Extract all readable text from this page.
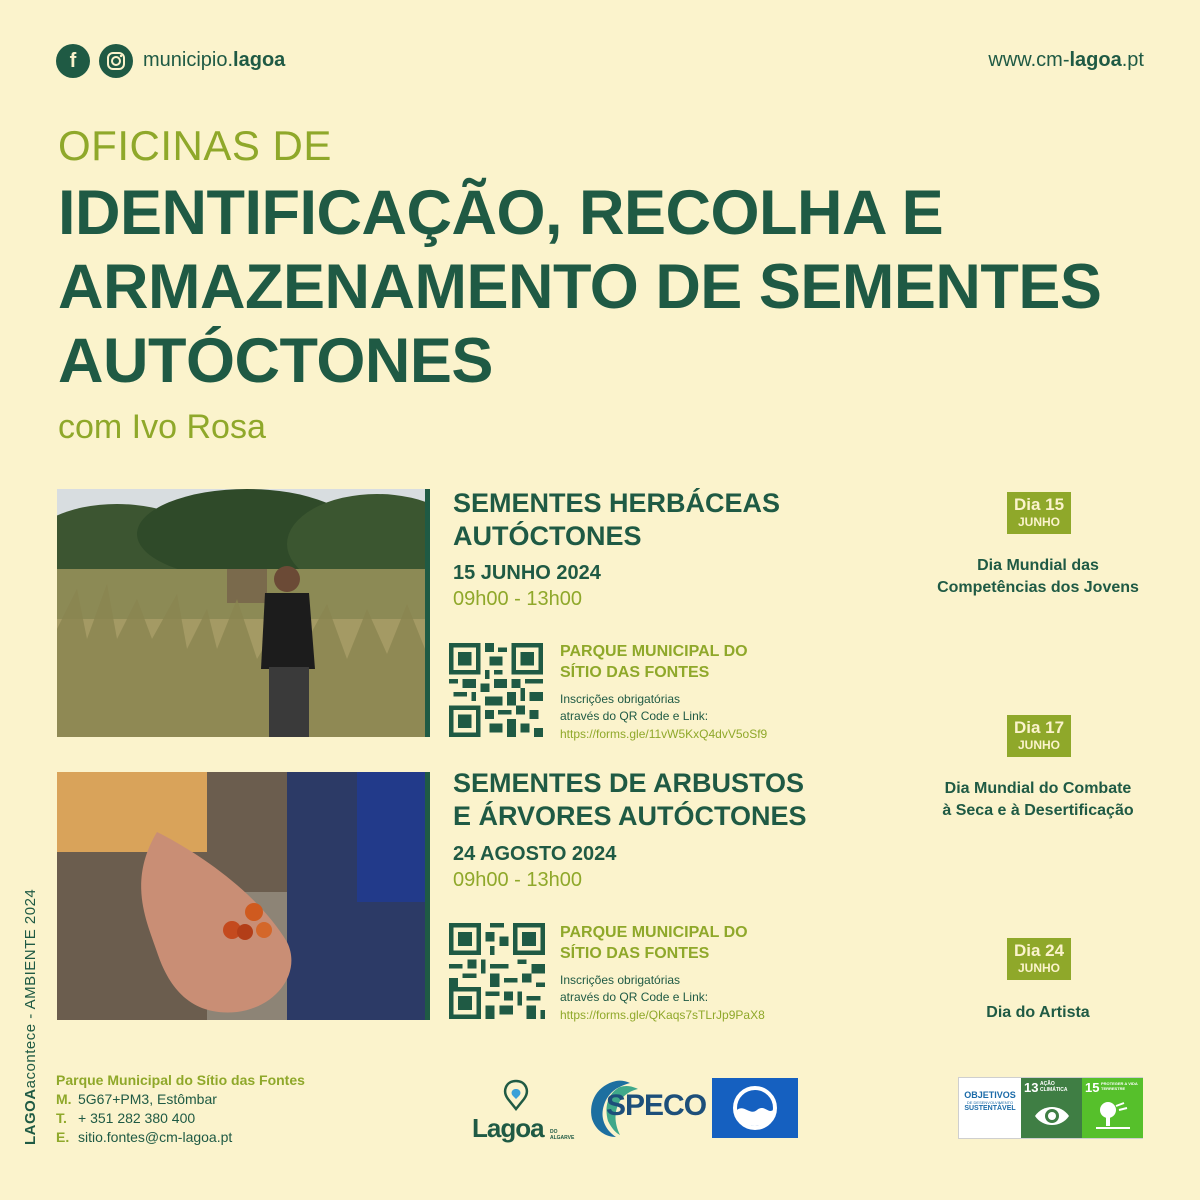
f	municipio.lagoa	www.cm-lagoa.pt
OFICINAS DE
IDENTIFICAÇÃO, RECOLHA E
ARMAZENAMENTO DE SEMENTES
AUTÓCTONES
com Ivo Rosa
SEMENTES HERBÁCEAS
AUTÓCTONES
15 JUNHO 2024
09h00 - 13h00
PARQUE MUNICIPAL DO
SÍTIO DAS FONTES
Inscrições obrigatórias
através do QR Code e Link:
https://forms.gle/11vW5KxQ4dvV5oSf9
SEMENTES DE ARBUSTOS
E ÁRVORES AUTÓCTONES
24 AGOSTO 2024
09h00 - 13h00
PARQUE MUNICIPAL DO
SÍTIO DAS FONTES
Inscrições obrigatórias
através do QR Code e Link:
https://forms.gle/QKaqs7sTLrJp9PaX8
Dia 15
JUNHO
Dia Mundial das
Competências dos Jovens
Dia 17
JUNHO
Dia Mundial do Combate
à Seca e à Desertificação
Dia 24
JUNHO
Dia do Artista
LAGOAacontece - AMBIENTE 2024
Parque Municipal do Sítio das Fontes
M. 5G67+PM3, Estômbar
T. + 351 282 380 400
E. sitio.fontes@cm-lagoa.pt	Lagoa DO ALGARVE
SPECO	OBJETIVOS
DE DESENVOLVIMENTO
SUSTENTÁVEL
13 AÇÃO CLIMÁTICA	15 PROTEGER A VIDA TERRESTRE
